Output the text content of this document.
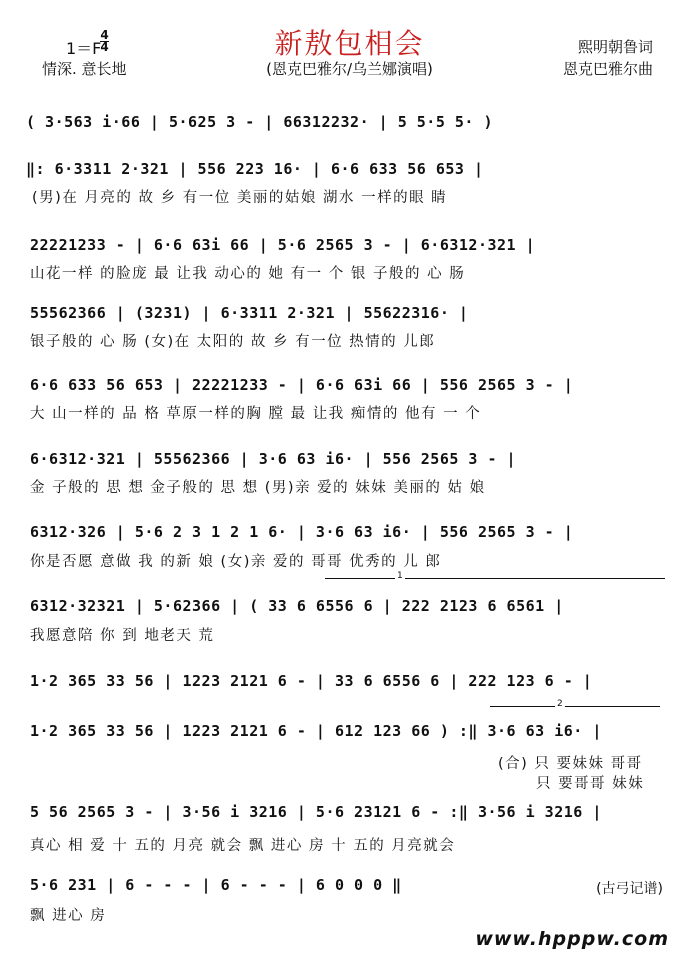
新敖包相会
1＝F
4
4
情深. 意长地	(恩克巴雅尔/乌兰娜演唱)
熙明朝鲁词
恩克巴雅尔曲
( 3·563 i·66 | 5·625 3 - | 66312232· | 5 5·5 5· )
‖: 6·3311 2·321 | 556 223 16· | 6·6 633 56 653 |
(男)在 月亮的 故 乡 有一位 美丽的姑娘 湖水 一样的眼 睛
22221233 - | 6·6 63i 66 | 5·6 2565 3 - | 6·6312·321 |
山花一样 的脸庞 最 让我 动心的 她 有一 个 银 子般的 心 肠
55562366 | (3231) | 6·3311 2·321 | 55622316· |
银子般的 心 肠 (女)在 太阳的 故 乡 有一位 热情的 儿郎
6·6 633 56 653 | 22221233 - | 6·6 63i 66 | 556 2565 3 - |
大 山一样的 品 格 草原一样的胸 膛 最 让我 痴情的 他有 一 个
6·6312·321 | 55562366 | 3·6 63 i6· | 556 2565 3 - |
金 子般的 思 想 金子般的 思 想 (男)亲 爱的 妹妹 美丽的 姑 娘
6312·326 | 5·6 2 3 1 2 1 6· | 3·6 63 i6· | 556 2565 3 - |
你是否愿 意做 我 的新 娘 (女)亲 爱的 哥哥 优秀的 儿 郎
1
6312·32321 | 5·62366 | ( 33 6 6556 6 | 222 2123 6 6561 |
我愿意陪 你 到 地老天 荒
1·2 365 33 56 | 1223 2121 6 - | 33 6 6556 6 | 222 123 6 - |
2
1·2 365 33 56 | 1223 2121 6 - | 612 123 66 ) :‖ 3·6 63 i6· |
(合) 只 要妹妹 哥哥
只 要哥哥 妹妹
5 56 2565 3 - | 3·56 i 3216 | 5·6 23121 6 - :‖ 3·56 i 3216 |
真心 相 爱 十 五的 月亮 就会 飘 进心 房 十 五的 月亮就会
5·6 231 | 6 - - - | 6 - - - | 6 0 0 0 ‖
飘 进心 房
(古弓记谱)
www.hpppw.com
